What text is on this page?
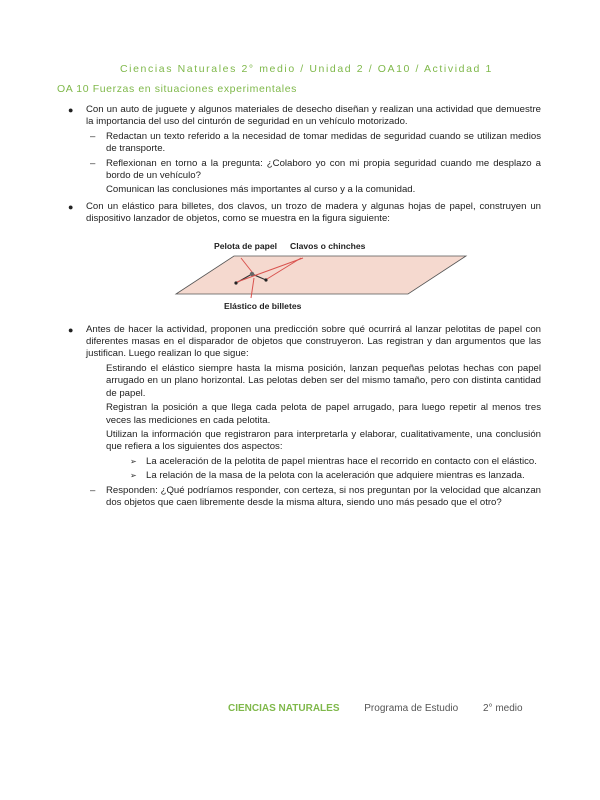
Ciencias Naturales 2° medio / Unidad 2 / OA10 / Actividad 1
OA 10 Fuerzas en situaciones experimentales
● Con un auto de juguete y algunos materiales de desecho diseñan y realizan una actividad que demuestre la importancia del uso del cinturón de seguridad en un vehículo motorizado.
– Redactan un texto referido a la necesidad de tomar medidas de seguridad cuando se utilizan medios de transporte.
– Reflexionan en torno a la pregunta: ¿Colaboro yo con mi propia seguridad cuando me desplazo a bordo de un vehículo?
Comunican las conclusiones más importantes al curso y a la comunidad.
● Con un elástico para billetes, dos clavos, un trozo de madera y algunas hojas de papel, construyen un dispositivo lanzador de objetos, como se muestra en la figura siguiente:
Pelota de papel Clavos o chinches
Elástico de billetes
● Antes de hacer la actividad, proponen una predicción sobre qué ocurrirá al lanzar pelotitas de papel con diferentes masas en el disparador de objetos que construyeron. Las registran y dan argumentos que las justifican. Luego realizan lo que sigue:
Estirando el elástico siempre hasta la misma posición, lanzan pequeñas pelotas hechas con papel arrugado en un plano horizontal. Las pelotas deben ser del mismo tamaño, pero con distinta cantidad de papel.
Registran la posición a que llega cada pelota de papel arrugado, para luego repetir al menos tres veces las mediciones en cada pelotita.
Utilizan la información que registraron para interpretarla y elaborar, cualitativamente, una conclusión que refiera a los siguientes dos aspectos:
➢ La aceleración de la pelotita de papel mientras hace el recorrido en contacto con el elástico.
➢ La relación de la masa de la pelota con la aceleración que adquiere mientras es lanzada.
– Responden: ¿Qué podríamos responder, con certeza, si nos preguntan por la velocidad que alcanzan dos objetos que caen libremente desde la misma altura, siendo uno más pesado que el otro?
CIENCIAS NATURALES Programa de Estudio 2° medio
